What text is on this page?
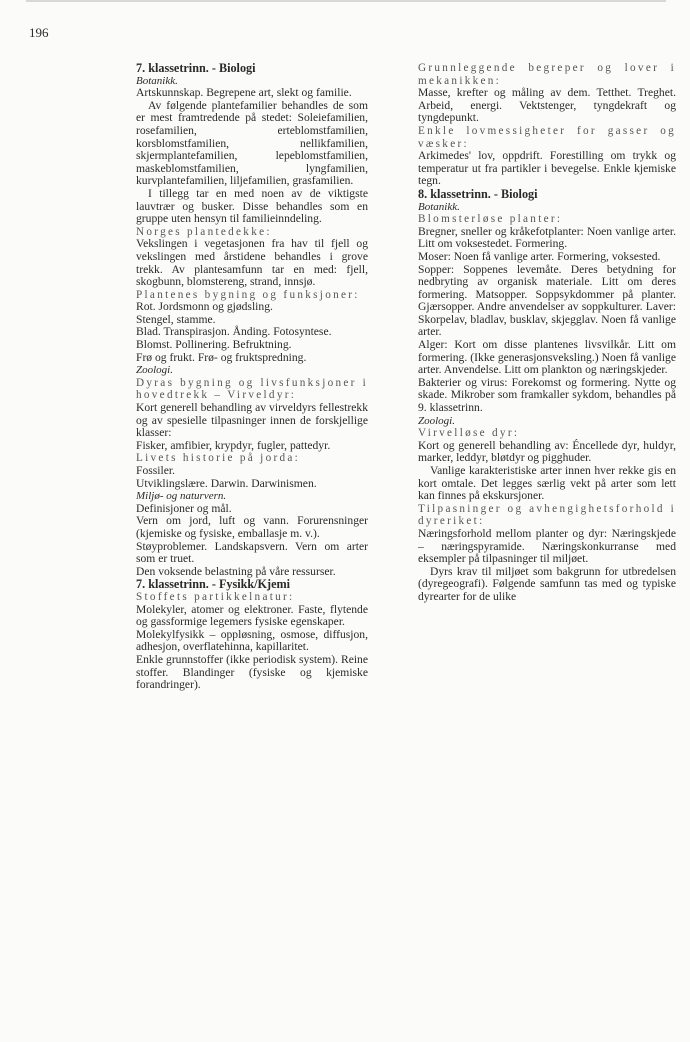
196

7. klassetrinn. - Biologi

Botanikk.

Artskunnskap. Begrepene art, slekt og familie.

Av følgende plantefamilier behandles de som er mest framtredende på stedet: Soleiefamilien, rosefamilien, erteblomstfamilien, korsblomstfamilien, nellikfamilien, skjermplantefamilien, lepeblomstfamilien, maskeblomstfamilien, lyngfamilien, kurvplantefamilien, liljefamilien, grasfamilien.

I tillegg tar en med noen av de viktigste lauvtrær og busker. Disse behandles som en gruppe uten hensyn til familieinndeling.

Norges plantedekke:

Vekslingen i vegetasjonen fra hav til fjell og vekslingen med årstidene behandles i grove trekk. Av plantesamfunn tar en med: fjell, skogbunn, blomstereng, strand, innsjø.

Plantenes bygning og funksjoner:

Rot. Jordsmonn og gjødsling.

Stengel, stamme.

Blad. Transpirasjon. Ånding. Fotosyntese.

Blomst. Pollinering. Befruktning.

Frø og frukt. Frø- og fruktspredning.

Zoologi.

Dyras bygning og livsfunksjoner i hovedtrekk – Virveldyr:

Kort generell behandling av virveldyrs fellestrekk og av spesielle tilpasninger innen de forskjellige klasser:

Fisker, amfibier, krypdyr, fugler, pattedyr.

Livets historie på jorda:

Fossiler.

Utviklingslære. Darwin. Darwinismen.

Miljø- og naturvern.

Definisjoner og mål.

Vern om jord, luft og vann. Forurensninger (kjemiske og fysiske, emballasje m. v.).

Støyproblemer. Landskapsvern. Vern om arter som er truet.

Den voksende belastning på våre ressurser.

7. klassetrinn. - Fysikk/Kjemi

Stoffets partikkelnatur:

Molekyler, atomer og elektroner. Faste, flytende og gassformige legemers fysiske egenskaper.

Molekylfysikk – oppløsning, osmose, diffusjon, adhesjon, overflatehinna, kapillaritet.

Enkle grunnstoffer (ikke periodisk system). Reine stoffer. Blandinger (fysiske og kjemiske forandringer).

Grunnleggende begreper og lover i mekanikken:

Masse, krefter og måling av dem. Tetthet. Treghet. Arbeid, energi. Vektstenger, tyngdekraft og tyngdepunkt.

Enkle lovmessigheter for gasser og væsker:

Arkimedes' lov, oppdrift. Forestilling om trykk og temperatur ut fra partikler i bevegelse. Enkle kjemiske tegn.

8. klassetrinn. - Biologi

Botanikk.

Blomsterløse planter:

Bregner, sneller og kråkefotplanter: Noen vanlige arter. Litt om voksestedet. Formering.

Moser: Noen få vanlige arter. Formering, voksested.

Sopper: Soppenes levemåte. Deres betydning for nedbryting av organisk materiale. Litt om deres formering. Matsopper. Soppsykdommer på planter. Gjærsopper. Andre anvendelser av soppkulturer. Laver: Skorpelav, bladlav, busklav, skjegglav. Noen få vanlige arter.

Alger: Kort om disse plantenes livsvilkår. Litt om formering. (Ikke generasjonsveksling.) Noen få vanlige arter. Anvendelse. Litt om plankton og næringskjeder.

Bakterier og virus: Forekomst og formering. Nytte og skade. Mikrober som framkaller sykdom, behandles på 9. klassetrinn.

Zoologi.

Virvelløse dyr:

Kort og generell behandling av: Éncellede dyr, huldyr, marker, leddyr, bløtdyr og pigghuder.

Vanlige karakteristiske arter innen hver rekke gis en kort omtale. Det legges særlig vekt på arter som lett kan finnes på ekskursjoner.

Tilpasninger og avhengighetsforhold i dyreriket:

Næringsforhold mellom planter og dyr: Næringskjede – næringspyramide. Næringskonkurranse med eksempler på tilpasninger til miljøet.

Dyrs krav til miljøet som bakgrunn for utbredelsen (dyregeografi). Følgende samfunn tas med og typiske dyrearter for de ulike
